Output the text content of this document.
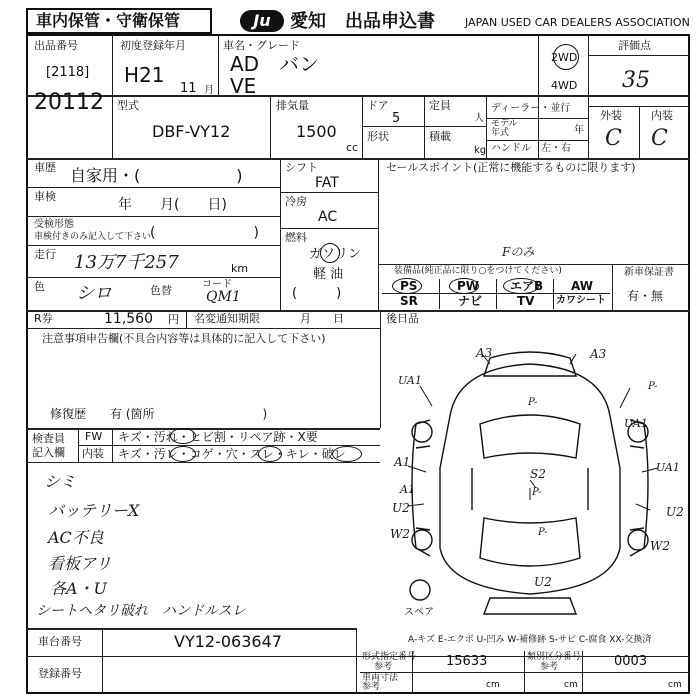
車内保管・守衛保管	Ju	愛知 出品申込書	JAPAN USED CAR DEALERS ASSOCIATION
出品番号
[2118]
20112
初度登録年月
H21
11 月
車名・グレード
AD　バン
VE
2WD
4WD
評価点
35
外装	内装
C C
型式
DBF-VY12
排気量
1500
cc
ドア
5
形状
定員
人
積載
kg
ディーラー・並行
モデル
年式	年
ハンドル　左・右
車歴 自家用・(　　　　　　)
車検
年　　月(　　日)
受検形態
車検付きのみ記入して下さい
(　　　　　　　)
走行 13万7千257	km
色 シロ	色替	コード
QM1
シフト
FAT
冷房
AC
燃料
ガソリン
軽 油
(　　　)
セールスポイント(正常に機能するものに限ります)
Fのみ
装備品(純正品に限り○をつけてください)
PS	PW	エアB AW
SR	ナビ	TV カワシート
新車保証書
有・無
R券	11,560 円 名変通知期限	月　　日	後日品
注意事項申告欄(不具合内容等は具体的に記入して下さい)
修復歴　　有 (箇所　　　　　　　　　)
検査員
記入欄
FW キズ・汚れ・ヒビ割・リペア跡・X要
内装 キズ・汚レ・コゲ・穴・スレ・キレ・破レ
シミ
バッテリーX
AC不良
看板アリ
各A・U
シートヘタリ破れ　ハンドルスレ
A3	A3
UA1
P-
P-
UA1
A1	UA1
A1
U2
W2
U2
S2
P-
P-
U2
W2
スペア
A-キズ E-エクボ U-凹み W-補修跡 S-サビ C-腐食 XX-交換済
車台番号	VY12-063647
登録番号
形式指定番号
参考	15633	類別区分番号
参考	0003
車両寸法
参考	cm	cm	cm
